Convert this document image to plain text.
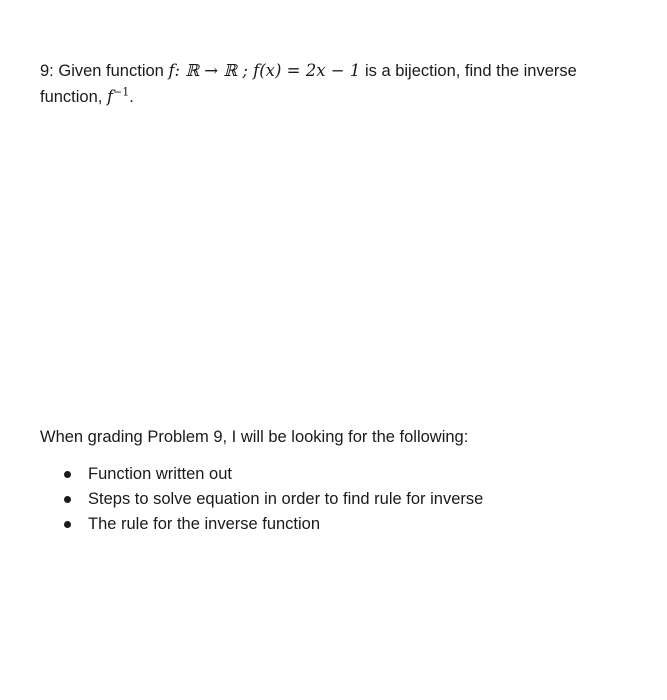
9: Given function f: ℝ → ℝ ; f(x) = 2x − 1 is a bijection, find the inverse
function, $f^{-1}$.

When grading Problem 9, I will be looking for the following:

Function written out
Steps to solve equation in order to find rule for inverse
The rule for the inverse function
